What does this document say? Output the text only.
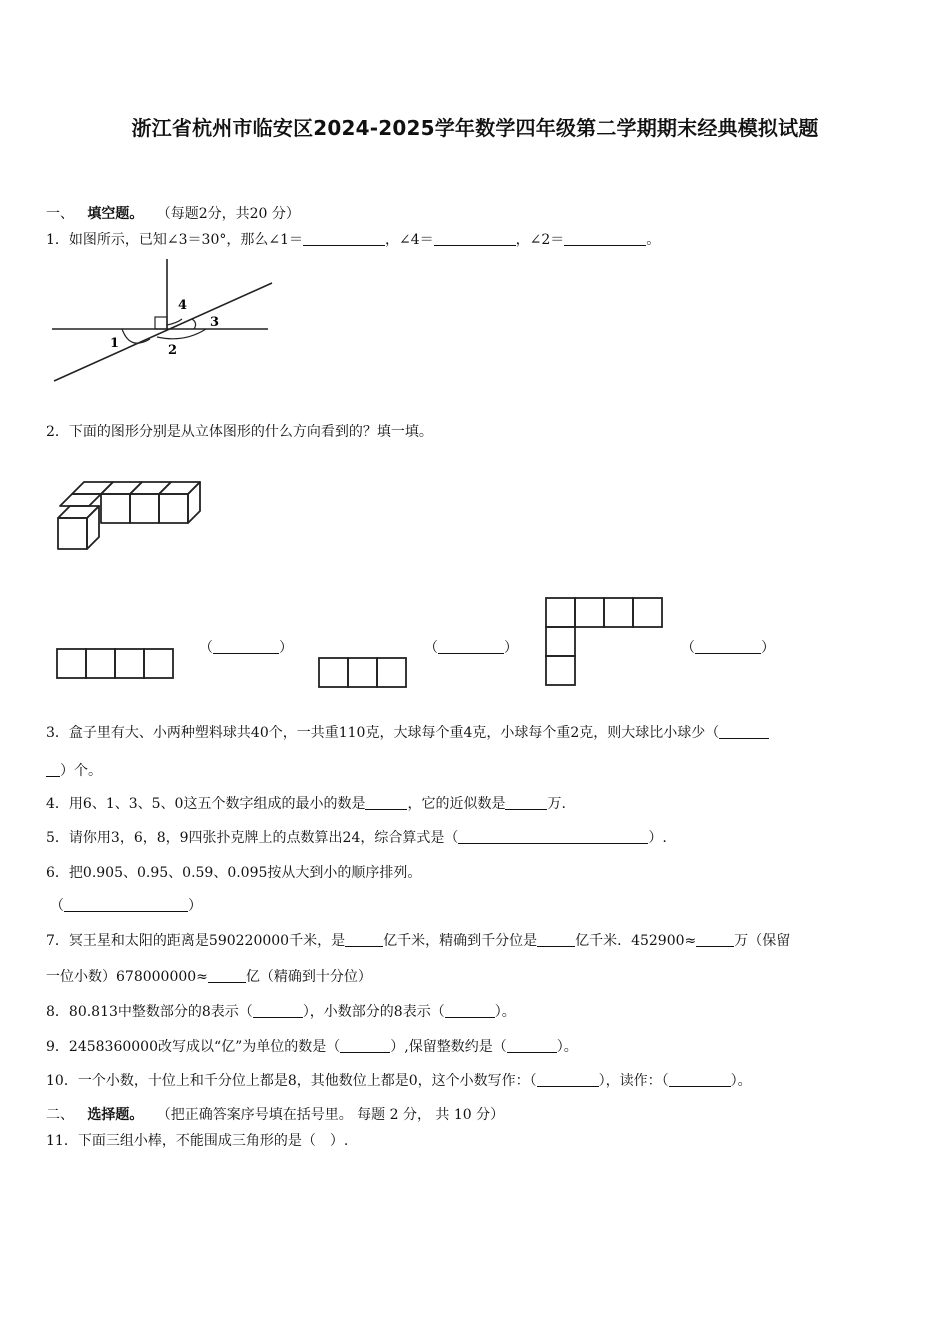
浙江省杭州市临安区2024-2025学年数学四年级第二学期期末经典模拟试题
一、 填空题。 （每题2分，共20 分）
1．如图所示，已知∠3＝30°，那么∠1＝	，∠4＝	，∠2＝	。
4
3
1	2
2．下面的图形分别是从立体图形的什么方向看到的？填一填。
（	）	（	）	（	）
3．盒子里有大、小两种塑料球共40个，一共重110克，大球每个重4克，小球每个重2克，则大球比小球少（
）个。
4．用6、1、3、5、0这五个数字组成的最小的数是	，它的近似数是	万.
5．请你用3，6，8，9四张扑克牌上的点数算出24，综合算式是（	）.
6．把0.905、0.95、0.59、0.095按从大到小的顺序排列。
（	）
7．冥王星和太阳的距离是590220000千米，是	亿千米，精确到千分位是	亿千米．452900≈	万（保留
一位小数）678000000≈	亿（精确到十分位）
8．80.813中整数部分的8表示（	），小数部分的8表示（	）。
9．2458360000改写成以“亿”为单位的数是（	）,保留整数约是（	）。
10．一个小数，十位上和千分位上都是8，其他数位上都是0，这个小数写作：（	），读作：（	）。
二、 选择题。 （把正确答案序号填在括号里。 每题 2 分， 共 10 分）
11．下面三组小棒，不能围成三角形的是（　）.
